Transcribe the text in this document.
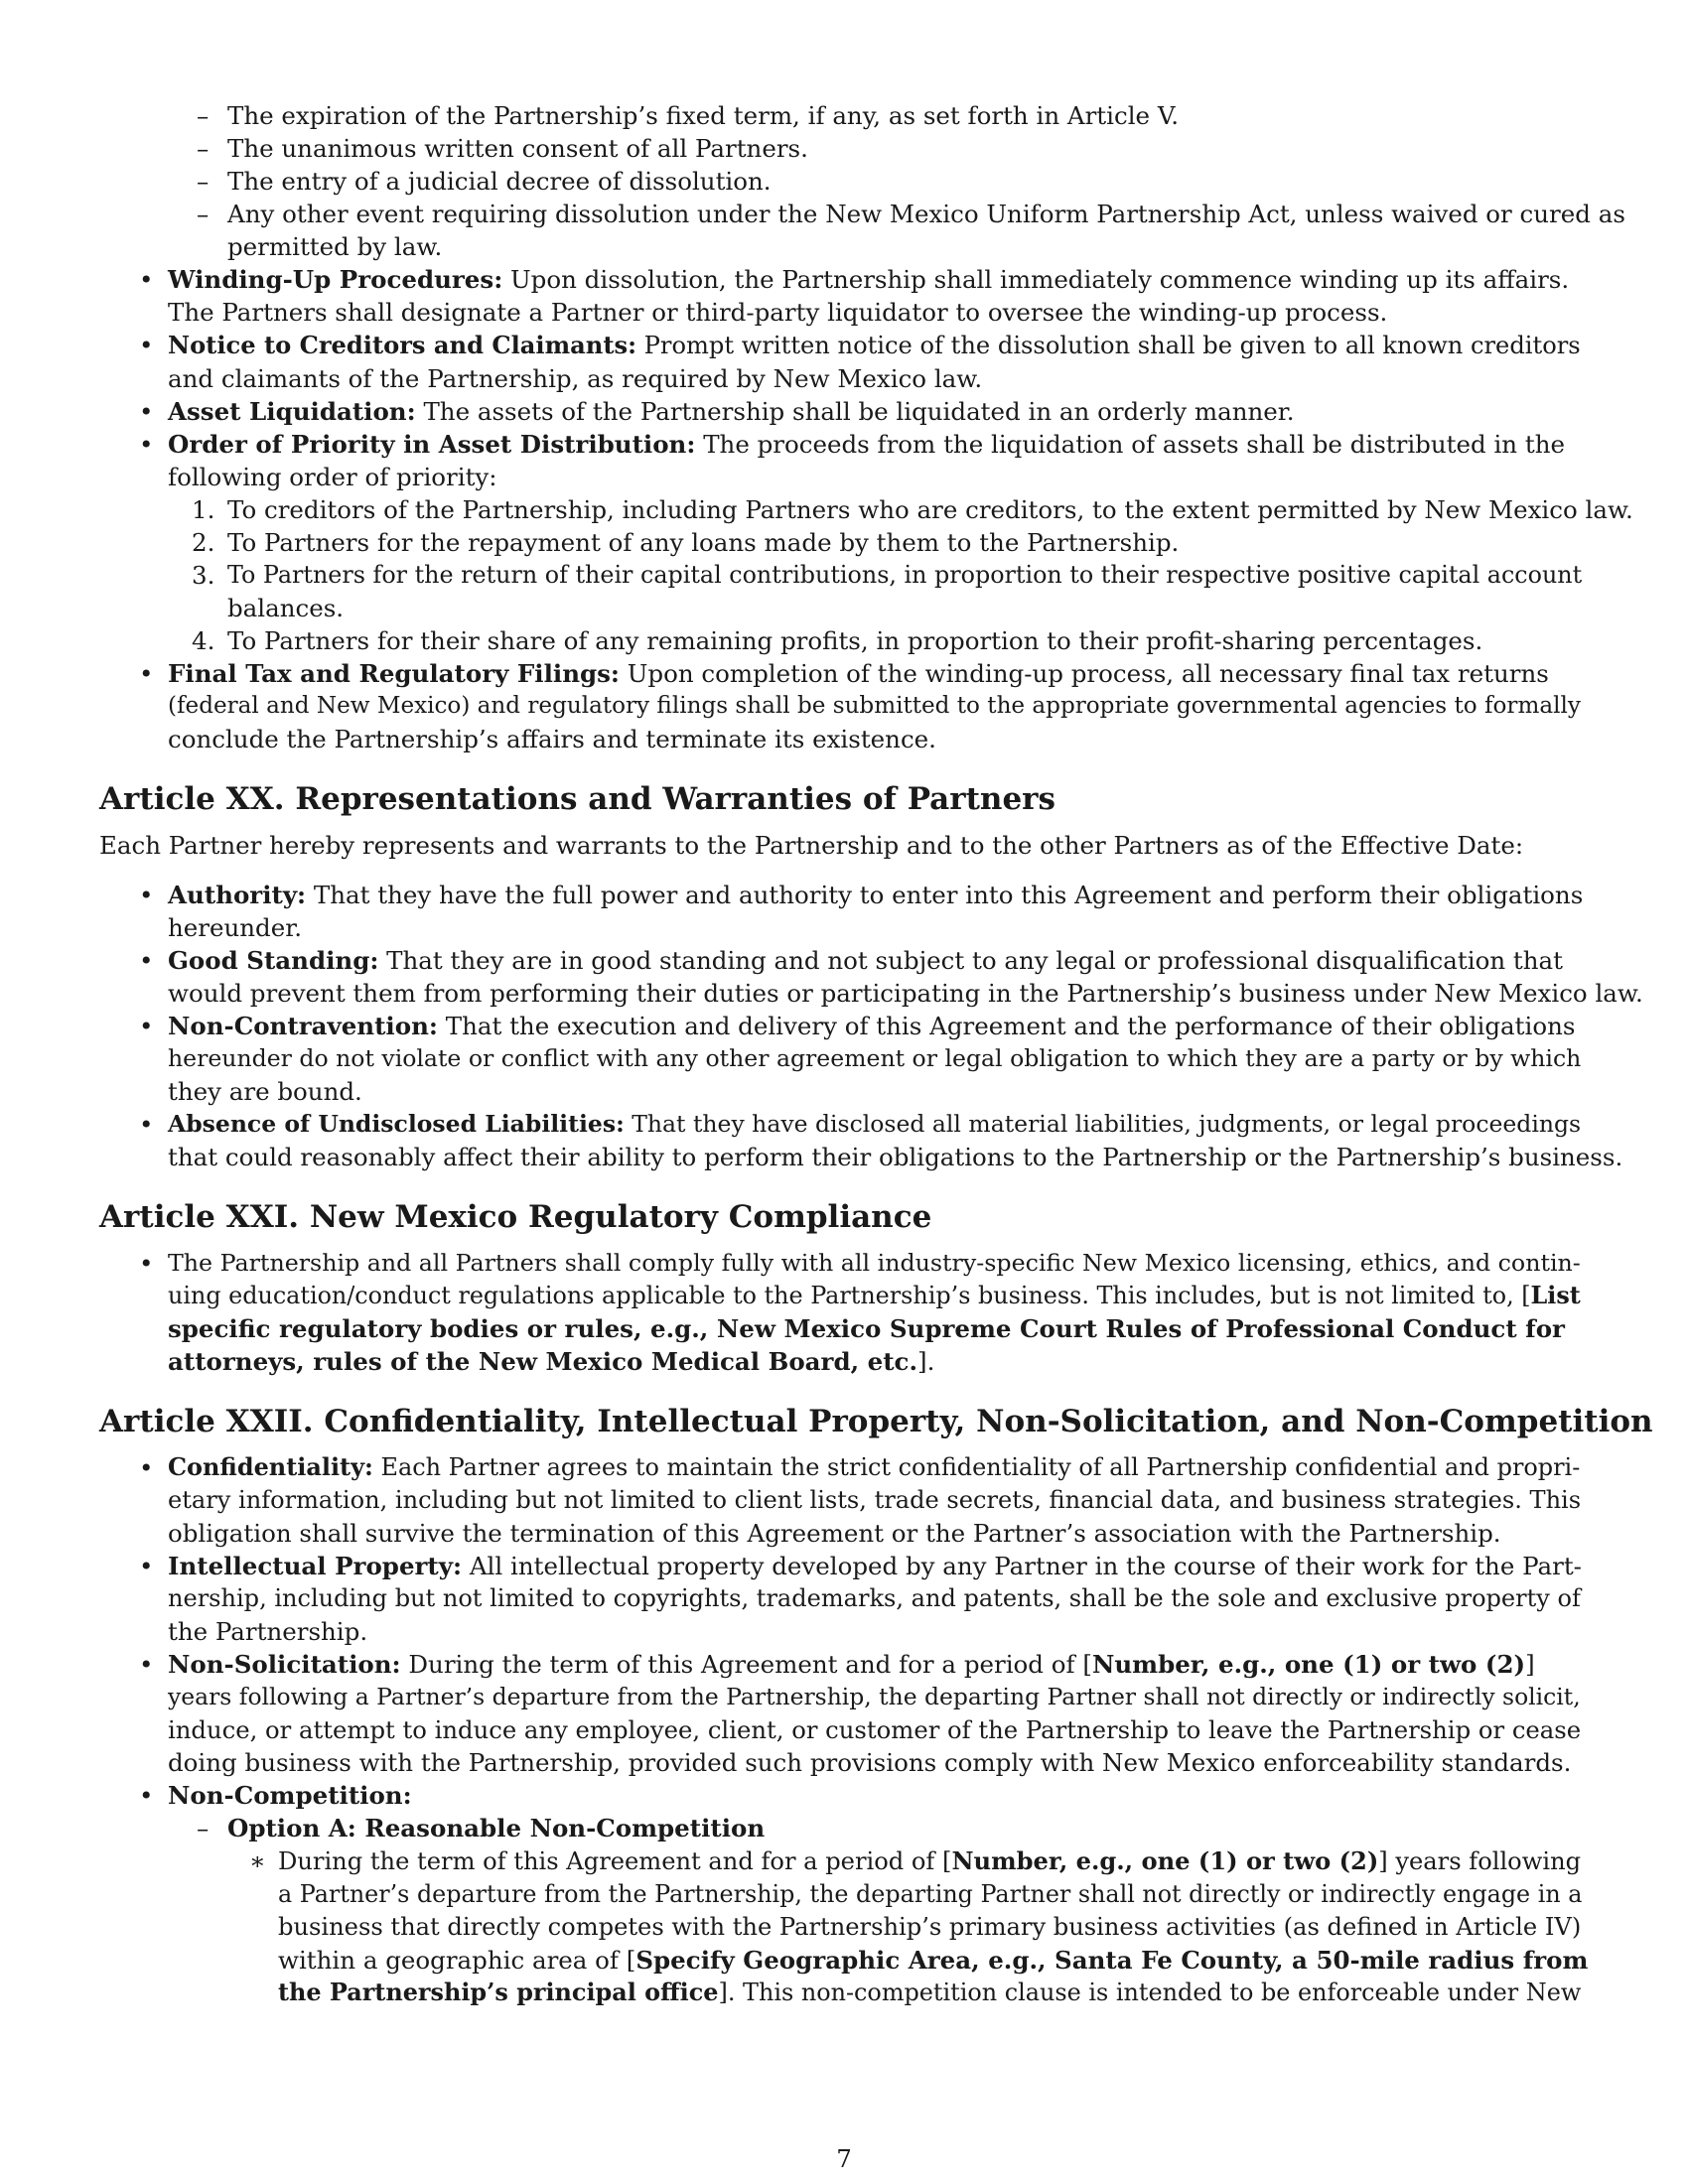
– The expiration of the Partnership’s fixed term, if any, as set forth in Article V.
– The unanimous written consent of all Partners.
– The entry of a judicial decree of dissolution.
– Any other event requiring dissolution under the New Mexico Uniform Partnership Act, unless waived or cured as
permitted by law.
• Winding-Up Procedures: Upon dissolution, the Partnership shall immediately commence winding up its affairs.
The Partners shall designate a Partner or third-party liquidator to oversee the winding-up process.
• Notice to Creditors and Claimants: Prompt written notice of the dissolution shall be given to all known creditors
and claimants of the Partnership, as required by New Mexico law.
• Asset Liquidation: The assets of the Partnership shall be liquidated in an orderly manner.
• Order of Priority in Asset Distribution: The proceeds from the liquidation of assets shall be distributed in the
following order of priority:
1. To creditors of the Partnership, including Partners who are creditors, to the extent permitted by New Mexico law.
2. To Partners for the repayment of any loans made by them to the Partnership.
3. To Partners for the return of their capital contributions, in proportion to their respective positive capital account
balances.
4. To Partners for their share of any remaining profits, in proportion to their profit-sharing percentages.
• Final Tax and Regulatory Filings: Upon completion of the winding-up process, all necessary final tax returns
(federal and New Mexico) and regulatory filings shall be submitted to the appropriate governmental agencies to formally
conclude the Partnership’s affairs and terminate its existence.
Article XX. Representations and Warranties of Partners
Each Partner hereby represents and warrants to the Partnership and to the other Partners as of the Effective Date:
• Authority: That they have the full power and authority to enter into this Agreement and perform their obligations
hereunder.
• Good Standing: That they are in good standing and not subject to any legal or professional disqualification that
would prevent them from performing their duties or participating in the Partnership’s business under New Mexico law.
• Non-Contravention: That the execution and delivery of this Agreement and the performance of their obligations
hereunder do not violate or conflict with any other agreement or legal obligation to which they are a party or by which
they are bound.
• Absence of Undisclosed Liabilities: That they have disclosed all material liabilities, judgments, or legal proceedings
that could reasonably affect their ability to perform their obligations to the Partnership or the Partnership’s business.
Article XXI. New Mexico Regulatory Compliance
• The Partnership and all Partners shall comply fully with all industry-specific New Mexico licensing, ethics, and contin-
uing education/conduct regulations applicable to the Partnership’s business. This includes, but is not limited to, [List
specific regulatory bodies or rules, e.g., New Mexico Supreme Court Rules of Professional Conduct for
attorneys, rules of the New Mexico Medical Board, etc.].
Article XXII. Confidentiality, Intellectual Property, Non-Solicitation, and Non-Competition
• Confidentiality: Each Partner agrees to maintain the strict confidentiality of all Partnership confidential and propri-
etary information, including but not limited to client lists, trade secrets, financial data, and business strategies. This
obligation shall survive the termination of this Agreement or the Partner’s association with the Partnership.
• Intellectual Property: All intellectual property developed by any Partner in the course of their work for the Part-
nership, including but not limited to copyrights, trademarks, and patents, shall be the sole and exclusive property of
the Partnership.
• Non-Solicitation: During the term of this Agreement and for a period of [Number, e.g., one (1) or two (2)]
years following a Partner’s departure from the Partnership, the departing Partner shall not directly or indirectly solicit,
induce, or attempt to induce any employee, client, or customer of the Partnership to leave the Partnership or cease
doing business with the Partnership, provided such provisions comply with New Mexico enforceability standards.
• Non-Competition:
– Option A: Reasonable Non-Competition
∗ During the term of this Agreement and for a period of [Number, e.g., one (1) or two (2)] years following
a Partner’s departure from the Partnership, the departing Partner shall not directly or indirectly engage in a
business that directly competes with the Partnership’s primary business activities (as defined in Article IV)
within a geographic area of [Specify Geographic Area, e.g., Santa Fe County, a 50-mile radius from
the Partnership’s principal office]. This non-competition clause is intended to be enforceable under New
7
